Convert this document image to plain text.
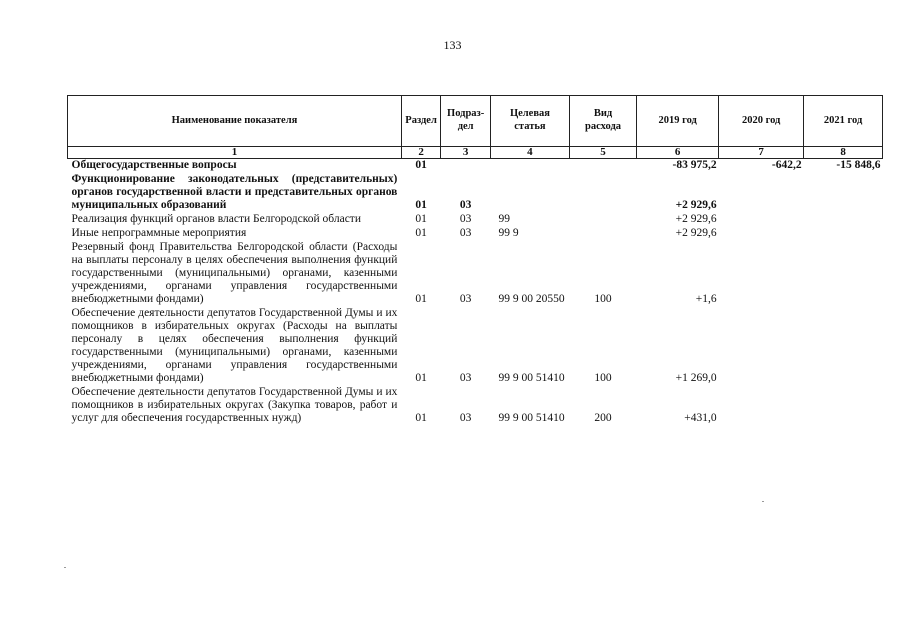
133
Наименование показателя	Раздел	Подраз-
дел	Целевая
статья	Вид
расхода	2019 год	2020 год	2021 год
1	2	3	4	5	6	7	8
Общегосударственные вопросы	01				-83 975,2	-642,2	-15 848,6
Функционирование законодательных (представительных) органов государственной власти и представительных органов муниципальных образований	01	03			+2 929,6		
Реализация функций органов власти Белгородской области	01	03	99		+2 929,6		
Иные непрограммные мероприятия	01	03	99 9		+2 929,6		
Резервный фонд Правительства Белгородской области (Расходы на выплаты персоналу в целях обеспечения выполнения функций государственными (муниципальными) органами, казенными учреждениями, органами управления государственными внебюджетными фондами)	01	03	99 9 00 20550	100	+1,6		
Обеспечение деятельности депутатов Государственной Думы и их помощников в избирательных округах (Расходы на выплаты персоналу в целях обеспечения выполнения функций государственными (муниципальными) органами, казенными учреждениями, органами управления государственными внебюджетными фондами)	01	03	99 9 00 51410	100	+1 269,0		
Обеспечение деятельности депутатов Государственной Думы и их помощников в избирательных округах (Закупка товаров, работ и услуг для обеспечения государственных нужд)	01	03	99 9 00 51410	200	+431,0		
